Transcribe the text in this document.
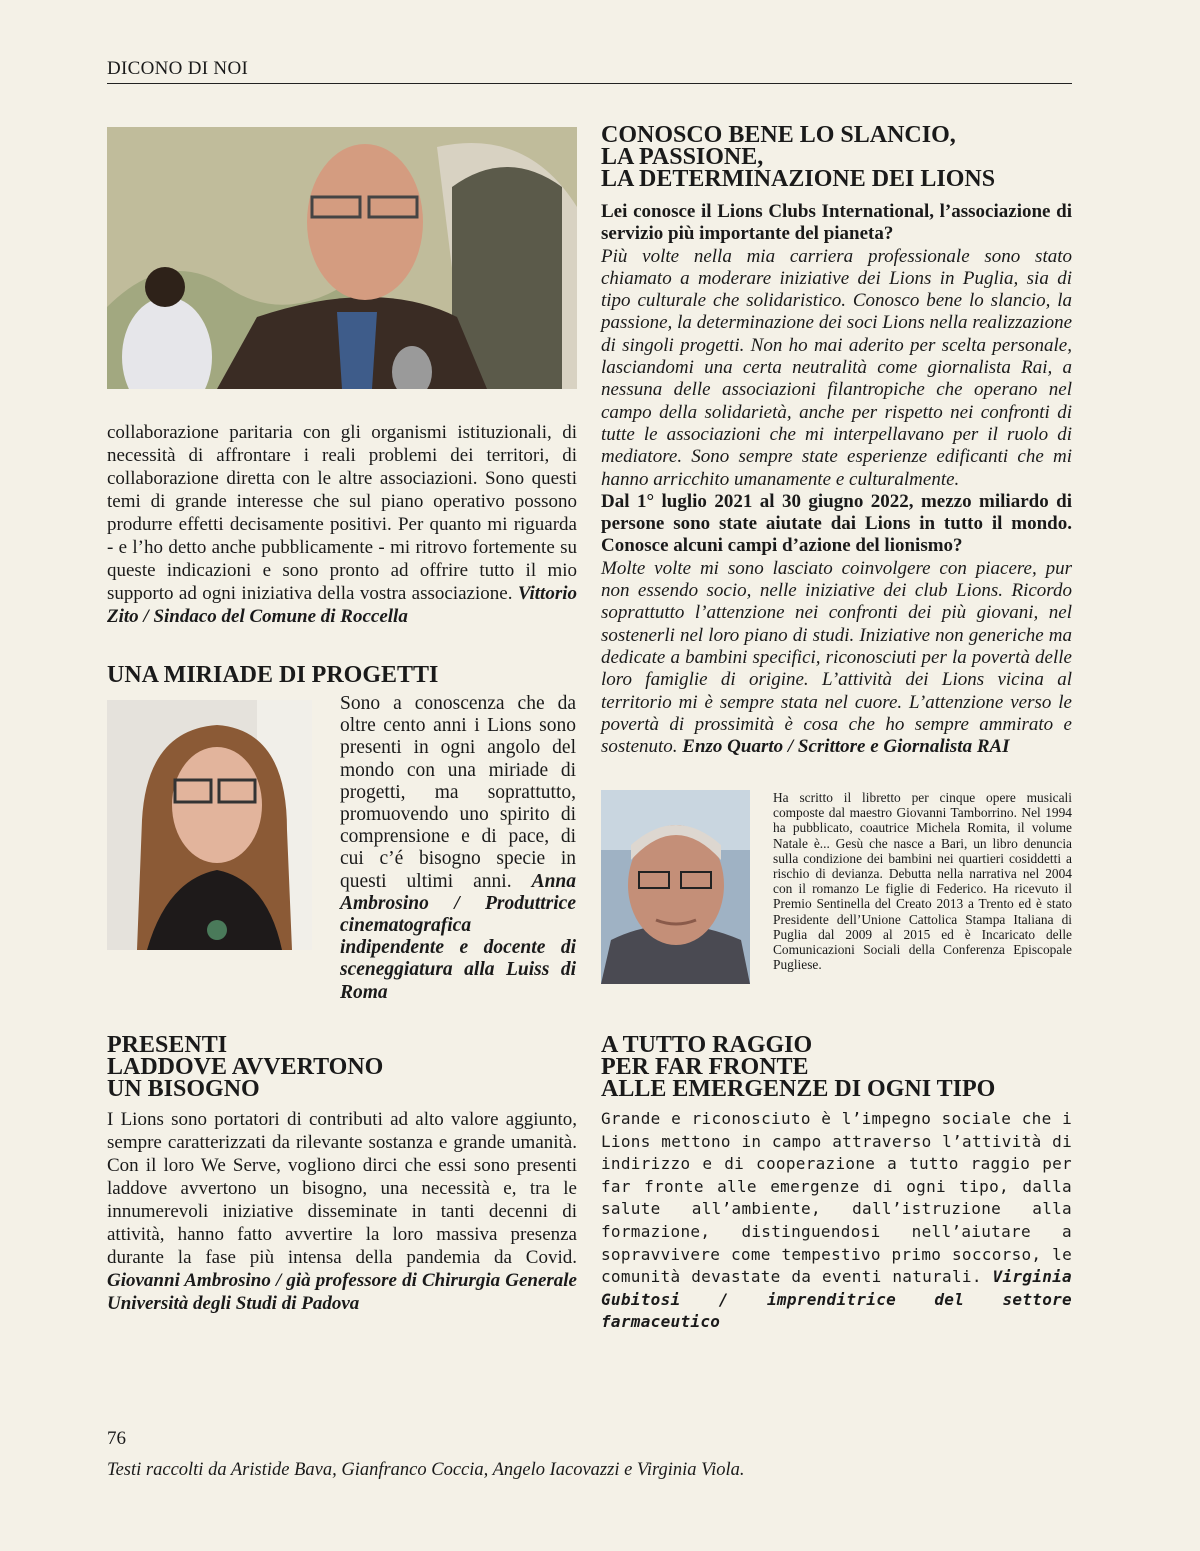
DICONO DI NOI
collaborazione paritaria con gli organismi istituzionali, di necessità di affrontare i reali problemi dei territori, di collaborazione diretta con le altre associazioni. Sono questi temi di grande interesse che sul piano operativo possono produrre effetti decisamente positivi. Per quanto mi riguarda - e l’ho detto anche pubblicamente - mi ritrovo fortemente su queste indicazioni e sono pronto ad offrire tutto il mio supporto ad ogni iniziativa della vostra associazione. Vittorio Zito / Sindaco del Comune di Roccella
UNA MIRIADE DI PROGETTI
Sono a conoscenza che da oltre cento anni i Lions sono presenti in ogni angolo del mondo con una miriade di progetti, ma soprattutto, promuovendo uno spirito di comprensione e di pace, di cui c’é bisogno specie in questi ultimi anni. Anna Ambrosino / Produttrice cinematografica indipendente e docente di sceneggiatura alla Luiss di Roma
PRESENTI
LADDOVE AVVERTONO
UN BISOGNO
I Lions sono portatori di contributi ad alto valore aggiunto, sempre caratterizzati da rilevante sostanza e grande umanità. Con il loro We Serve, vogliono dirci che essi sono presenti laddove avvertono un bisogno, una necessità e, tra le innumerevoli iniziative disseminate in tanti decenni di attività, hanno fatto avvertire la loro massiva presenza durante la fase più intensa della pandemia da Covid. Giovanni Ambrosino / già professore di Chirurgia Generale Università degli Studi di Padova
CONOSCO BENE LO SLANCIO,
LA PASSIONE,
LA DETERMINAZIONE DEI LIONS

Lei conosce il Lions Clubs International, l’associazione di servizio più importante del pianeta?

Più volte nella mia carriera professionale sono stato chiamato a moderare iniziative dei Lions in Puglia, sia di tipo culturale che solidaristico. Conosco bene lo slancio, la passione, la determinazione dei soci Lions nella realizzazione di singoli progetti. Non ho mai aderito per scelta personale, lasciandomi una certa neutralità come giornalista Rai, a nessuna delle associazioni filantropiche che operano nel campo della solidarietà, anche per rispetto nei confronti di tutte le associazioni che mi interpellavano per il ruolo di mediatore. Sono sempre state esperienze edificanti che mi hanno arricchito umanamente e culturalmente.

Dal 1° luglio 2021 al 30 giugno 2022, mezzo miliardo di persone sono state aiutate dai Lions in tutto il mondo. Conosce alcuni campi d’azione del lionismo?

Molte volte mi sono lasciato coinvolgere con piacere, pur non essendo socio, nelle iniziative dei club Lions. Ricordo soprattutto l’attenzione nei confronti dei più giovani, nel sostenerli nel loro piano di studi. Iniziative non generiche ma dedicate a bambini specifici, riconosciuti per la povertà delle loro famiglie di origine. L’attività dei Lions vicina al territorio mi è sempre stata nel cuore. L’attenzione verso le povertà di prossimità è cosa che ho sempre ammirato e sostenuto. Enzo Quarto / Scrittore e Giornalista RAI

Ha scritto il libretto per cinque opere musicali composte dal maestro Giovanni Tamborrino. Nel 1994 ha pubblicato, coautrice Michela Romita, il volume Natale è... Gesù che nasce a Bari, un libro denuncia sulla condizione dei bambini nei quartieri cosiddetti a rischio di devianza. Debutta nella narrativa nel 2004 con il romanzo Le figlie di Federico. Ha ricevuto il Premio Sentinella del Creato 2013 a Trento ed è stato Presidente dell’Unione Cattolica Stampa Italiana di Puglia dal 2009 al 2015 ed è Incaricato delle Comunicazioni Sociali della Conferenza Episcopale Pugliese.
A TUTTO RAGGIO
PER FAR FRONTE
ALLE EMERGENZE DI OGNI TIPO
Grande e riconosciuto è l’impegno sociale che i Lions mettono in campo attraverso l’attività di indirizzo e di cooperazione a tutto raggio per far fronte alle emergenze di ogni tipo, dalla salute all’ambiente, dall’istruzione alla formazione, distinguendosi nell’aiutare a sopravvivere come tempestivo primo soccorso, le comunità devastate da eventi naturali. Virginia Gubitosi / imprenditrice del settore farmaceutico
Testi raccolti da Aristide Bava, Gianfranco Coccia, Angelo Iacovazzi e Virginia Viola.
76
